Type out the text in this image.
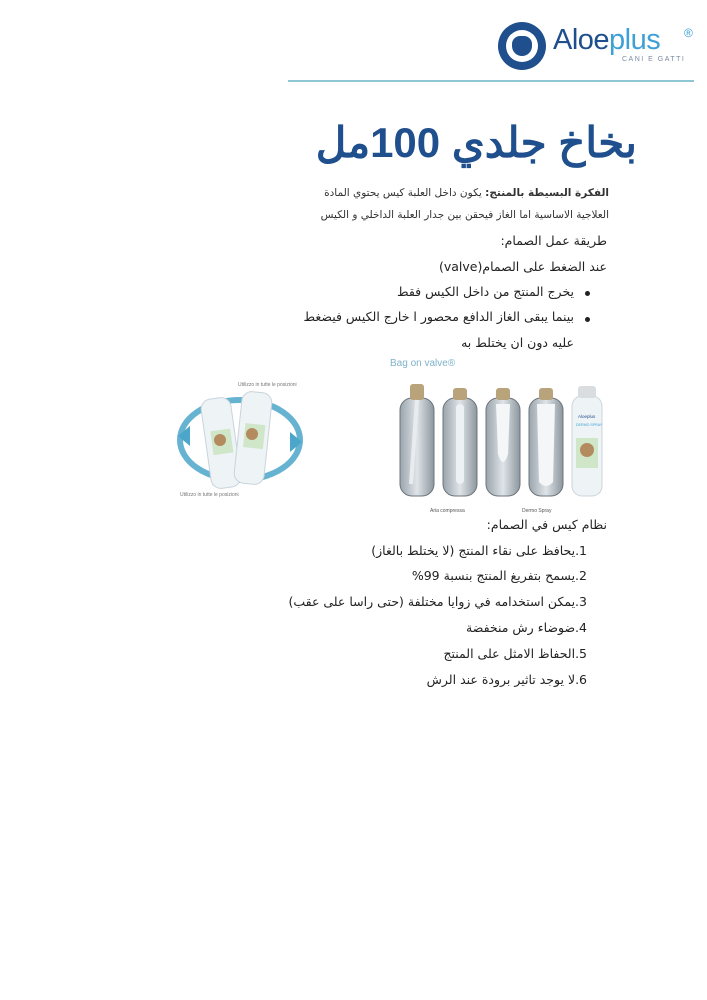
Aloeplus ®
CANI E GATTI
بخاخ جلدي 100مل
الفكرة البسيطة بالمنتج: يكون داخل العلبة كيس يحتوي المادة
العلاجية الاساسية اما الغاز فيحقن بين جدار العلبة الداخلي و الكيس
طريقة عمل الصمام:
عند الضغط على الصمام(valve)
يخرج المنتج من داخل الكيس فقط
بينما يبقى الغاز الدافع محصور ا خارج الكيس فيضغط
عليه دون ان يختلط به
Utilizzo in tutte le posizioni
Utilizzo in tutte le posizioni
Bag on valve®
Aloeplus
DERMO SPRAY
Aria compressa	Dermo Spray
نظام كيس في الصمام:
1.يحافظ على نقاء المنتج (لا يختلط بالغاز)
2.يسمح بتفريغ المنتج بنسبة 99%
3.يمكن استخدامه في زوايا مختلفة (حتى راسا على عقب)
4.ضوضاء رش منخفضة
5.الحفاظ الامثل على المنتج
6.لا يوجد تاثير برودة عند الرش
